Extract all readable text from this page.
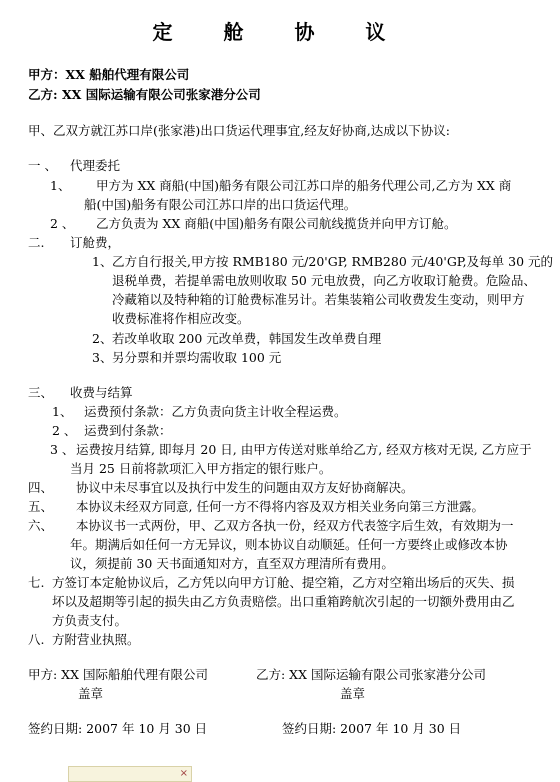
定 舱 协 议
甲方：XX 船舶代理有限公司
乙方: XX 国际运输有限公司张家港分公司
甲、乙双方就江苏口岸(张家港)出口货运代理事宜,经友好协商,达成以下协议:
一 、 代理委托
1、 甲方为 XX 商船(中国)船务有限公司江苏口岸的船务代理公司,乙方为 XX 商
船(中国)船务有限公司江苏口岸的出口货运代理。
2 、 乙方负责为 XX 商船(中国)船务有限公司航线揽货并向甲方订舱。
二. 订舱费，
1、 乙方自行报关,甲方按 RMB180 元/20'GP, RMB280 元/40'GP,及每单 30 元的
退税单费，若提单需电放则收取 50 元电放费，向乙方收取订舱费。危险品、
冷藏箱以及特种箱的订舱费标准另计。若集装箱公司收费发生变动，则甲方
收费标准将作相应改变。
2、 若改单收取 200 元改单费，韩国发生改单费自理
3、 另分票和并票均需收取 100 元
三、 收费与结算
1、 运费预付条款：乙方负责向货主计收全程运费。
2 、 运费到付条款：
3 、 运费按月结算, 即每月 20 日, 由甲方传送对账单给乙方, 经双方核对无误, 乙方应于
当月 25 日前将款项汇入甲方指定的银行账户。
四、 协议中未尽事宜以及执行中发生的问题由双方友好协商解决。
五、 本协议未经双方同意, 任何一方不得将内容及双方相关业务向第三方泄露。
六、 本协议书一式两份，甲、乙双方各执一份，经双方代表签字后生效，有效期为一
年。期满后如任何一方无异议，则本协议自动顺延。任何一方要终止或修改本协
议，须提前 30 天书面通知对方，直至双方理清所有费用。
七. 方签订本定舱协议后，乙方凭以向甲方订舱、提空箱，乙方对空箱出场后的灭失、损
坏以及超期等引起的损失由乙方负责赔偿。出口重箱跨航次引起的一切额外费用由乙
方负责支付。
八. 方附营业执照。
甲方: XX 国际船舶代理有限公司	乙方: XX 国际运输有限公司张家港分公司
盖章	盖章
签约日期: 2007 年 10 月 30 日	签约日期: 2007 年 10 月 30 日
×
